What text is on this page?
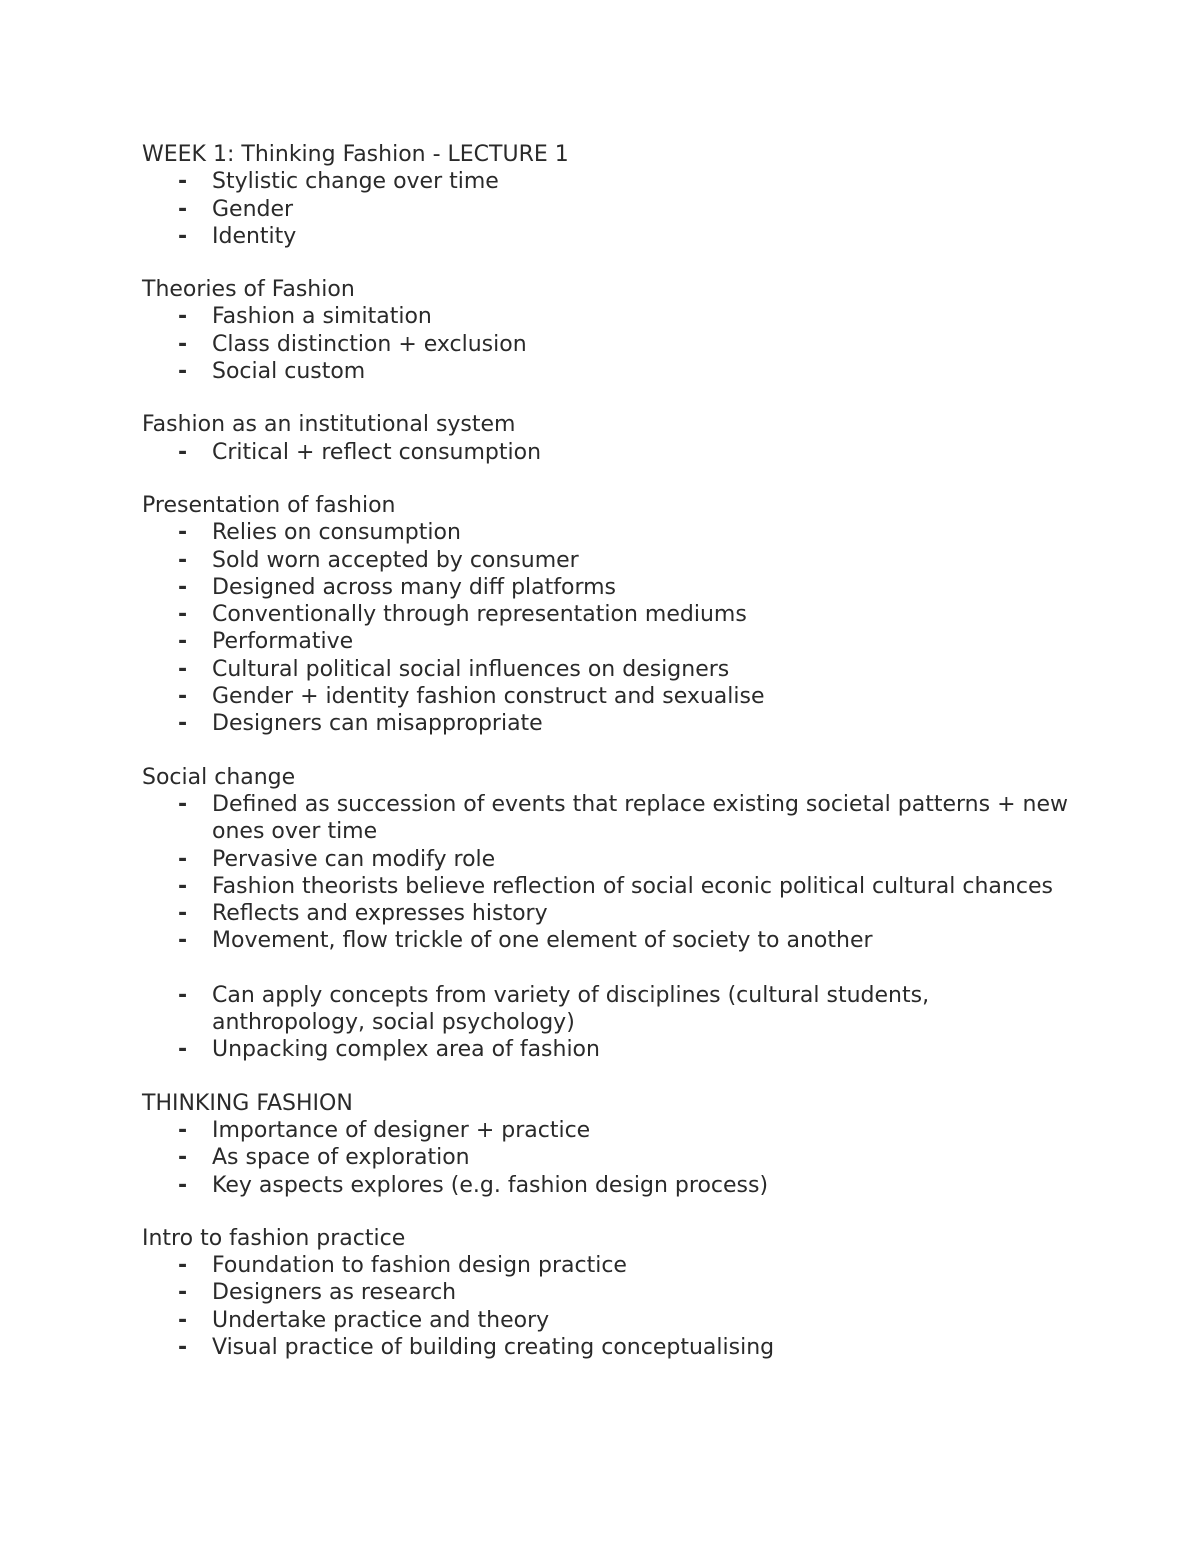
WEEK 1: Thinking Fashion - LECTURE 1

- Stylistic change over time
- Gender
- Identity

Theories of Fashion

- Fashion a simitation
- Class distinction + exclusion
- Social custom

Fashion as an institutional system

- Critical + reflect consumption

Presentation of fashion

- Relies on consumption
- Sold worn accepted by consumer
- Designed across many diff platforms
- Conventionally through representation mediums
- Performative
- Cultural political social influences on designers
- Gender + identity fashion construct and sexualise
- Designers can misappropriate

Social change

- Defined as succession of events that replace existing societal patterns + new ones over time
- Pervasive can modify role
- Fashion theorists believe reflection of social econic political cultural chances
- Reflects and expresses history
- Movement, flow trickle of one element of society to another
- Can apply concepts from variety of disciplines (cultural students, anthropology, social psychology)
- Unpacking complex area of fashion

THINKING FASHION

- Importance of designer + practice
- As space of exploration
- Key aspects explores (e.g. fashion design process)

Intro to fashion practice

- Foundation to fashion design practice
- Designers as research
- Undertake practice and theory
- Visual practice of building creating conceptualising
